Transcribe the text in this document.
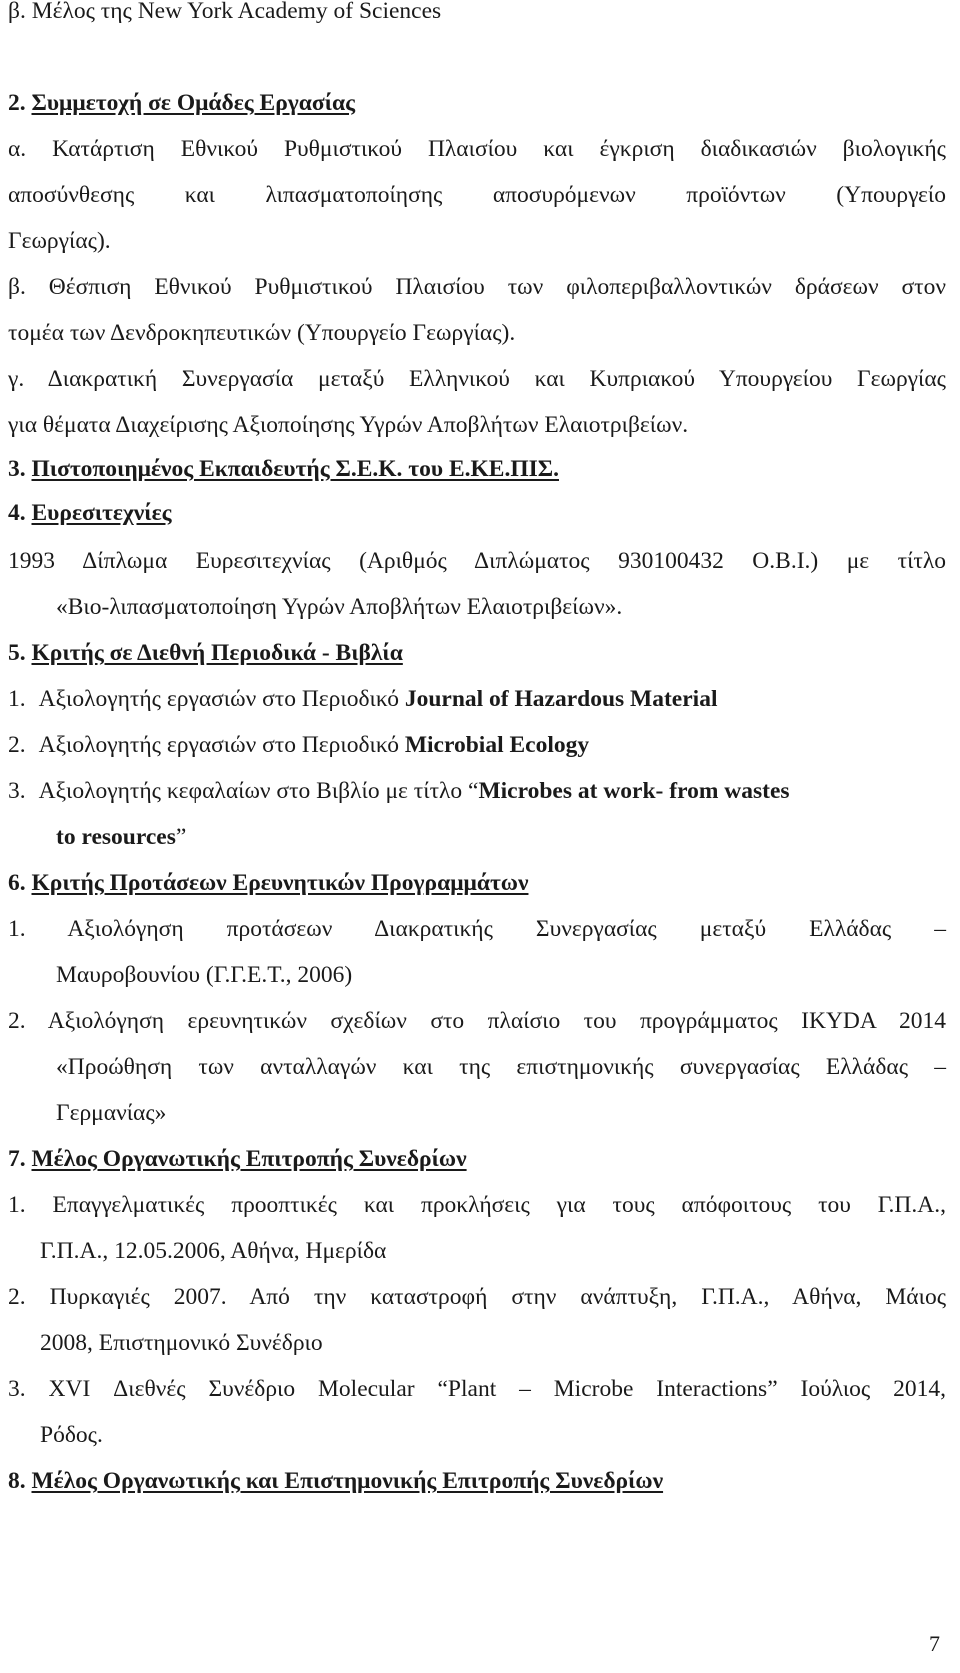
β. Μέλος της New York Academy of Sciences
2. Συμμετοχή σε Ομάδες Εργασίας
α. Κατάρτιση Εθνικού Ρυθμιστικού Πλαισίου και έγκριση διαδικασιών βιολογικής
αποσύνθεσης και λιπασματοποίησης αποσυρόμενων προϊόντων (Υπουργείο
Γεωργίας).
β. Θέσπιση Εθνικού Ρυθμιστικού Πλαισίου των φιλοπεριβαλλοντικών δράσεων στον
τομέα των Δενδροκηπευτικών (Υπουργείο Γεωργίας).
γ. Διακρατική Συνεργασία μεταξύ Ελληνικού και Κυπριακού Υπουργείου Γεωργίας
για θέματα Διαχείρισης Αξιοποίησης Υγρών Αποβλήτων Ελαιοτριβείων.
3. Πιστοποιημένος Εκπαιδευτής Σ.Ε.Κ. του Ε.ΚΕ.ΠΙΣ.
4. Ευρεσιτεχνίες
1993 Δίπλωμα Ευρεσιτεχνίας (Αριθμός Διπλώματος 930100432 Ο.Β.Ι.) με τίτλο
«Βιο-λιπασματοποίηση Υγρών Αποβλήτων Ελαιοτριβείων».
5. Κριτής σε Διεθνή Περιοδικά - Βιβλία
1. Αξιολογητής εργασιών στο Περιοδικό Journal of Hazardous Material
2. Αξιολογητής εργασιών στο Περιοδικό Microbial Ecology
3. Αξιολογητής κεφαλαίων στο Βιβλίο με τίτλο “Microbes at work- from wastes
to resources”
6. Κριτής Προτάσεων Ερευνητικών Προγραμμάτων
1. Αξιολόγηση προτάσεων Διακρατικής Συνεργασίας μεταξύ Ελλάδας –
Μαυροβουνίου (Γ.Γ.Ε.Τ., 2006)
2. Αξιολόγηση ερευνητικών σχεδίων στο πλαίσιο του προγράμματος IKYDA 2014
«Προώθηση των ανταλλαγών και της επιστημονικής συνεργασίας Ελλάδας –
Γερμανίας»
7. Μέλος Οργανωτικής Επιτροπής Συνεδρίων
1. Επαγγελματικές προοπτικές και προκλήσεις για τους απόφοιτους του Γ.Π.Α.,
Γ.Π.Α., 12.05.2006, Αθήνα, Ημερίδα
2. Πυρκαγιές 2007. Από την καταστροφή στην ανάπτυξη, Γ.Π.Α., Αθήνα, Μάιος
2008, Επιστημονικό Συνέδριο
3. XVI Διεθνές Συνέδριο Molecular “Plant – Microbe Interactions” Ιούλιος 2014,
Ρόδος.
8. Μέλος Οργανωτικής και Επιστημονικής Επιτροπής Συνεδρίων
7
